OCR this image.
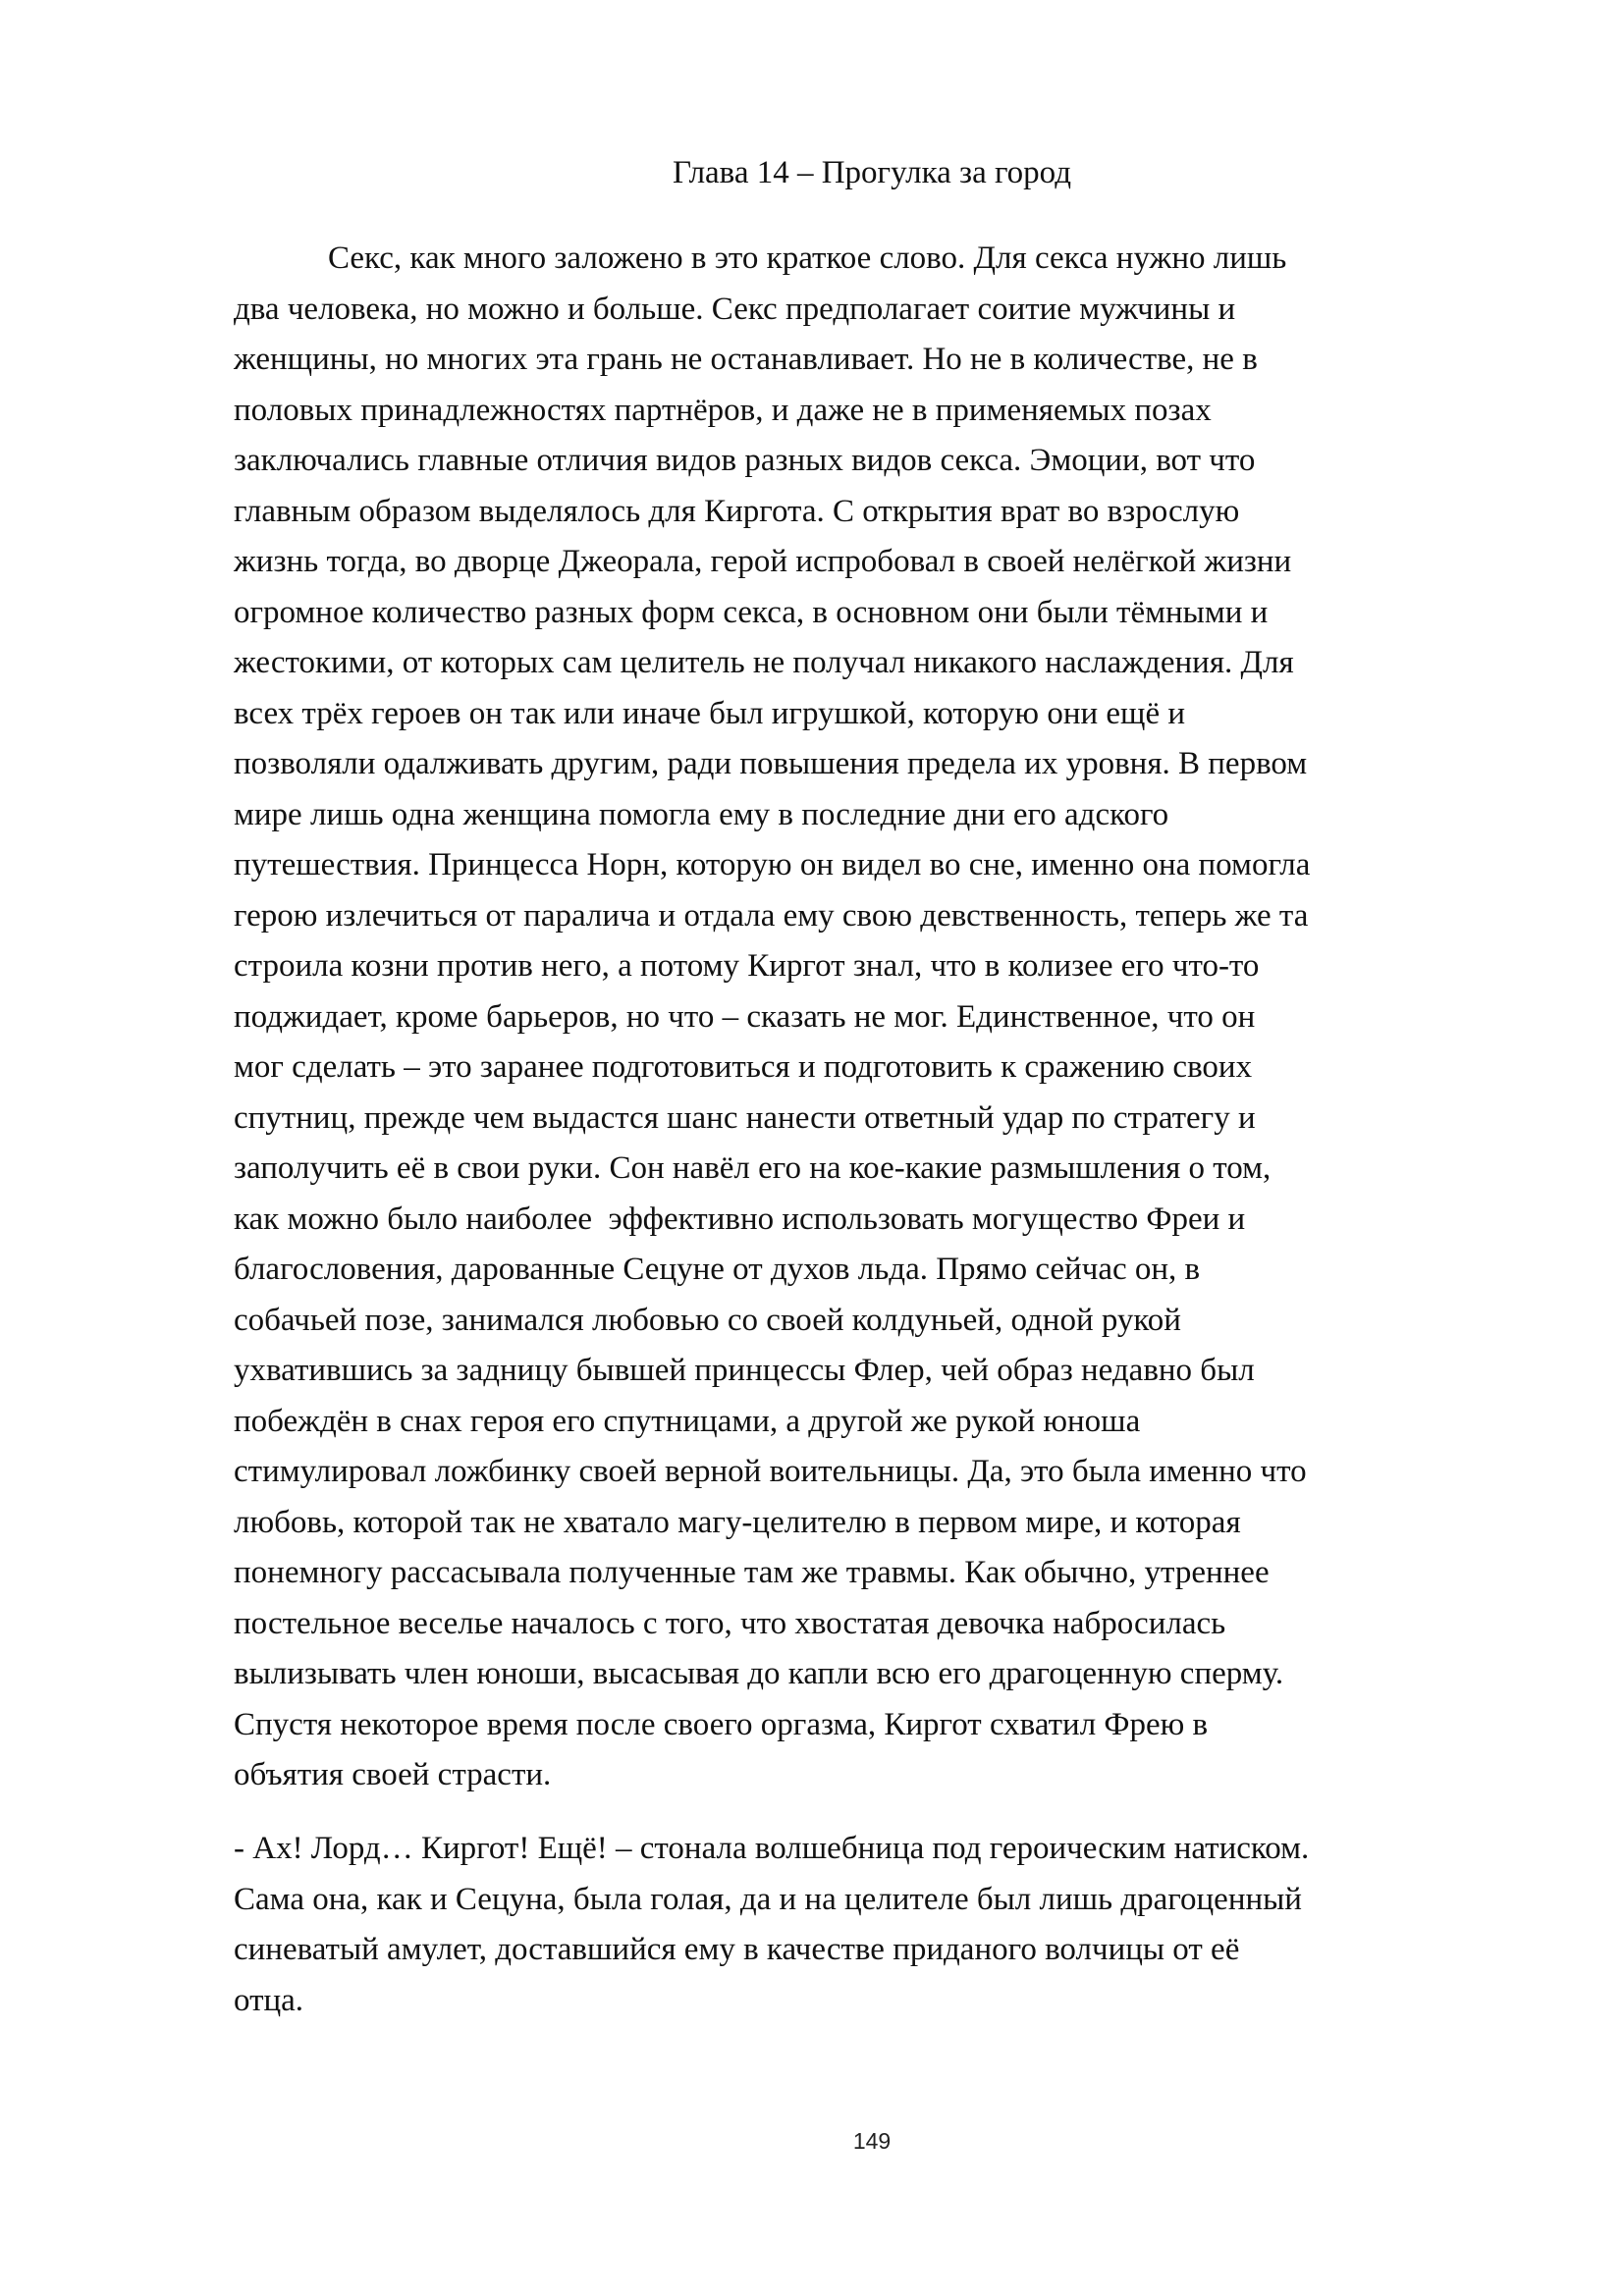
Глава 14 – Прогулка за город
Секс, как много заложено в это краткое слово. Для секса нужно лишь
два человека, но можно и больше. Секс предполагает соитие мужчины и
женщины, но многих эта грань не останавливает. Но не в количестве, не в
половых принадлежностях партнёров, и даже не в применяемых позах
заключались главные отличия видов разных видов секса. Эмоции, вот что
главным образом выделялось для Киргота. С открытия врат во взрослую
жизнь тогда, во дворце Джеорала, герой испробовал в своей нелёгкой жизни
огромное количество разных форм секса, в основном они были тёмными и
жестокими, от которых сам целитель не получал никакого наслаждения. Для
всех трёх героев он так или иначе был игрушкой, которую они ещё и
позволяли одалживать другим, ради повышения предела их уровня. В первом
мире лишь одна женщина помогла ему в последние дни его адского
путешествия. Принцесса Норн, которую он видел во сне, именно она помогла
герою излечиться от паралича и отдала ему свою девственность, теперь же та
строила козни против него, а потому Киргот знал, что в колизее его что-то
поджидает, кроме барьеров, но что – сказать не мог. Единственное, что он
мог сделать – это заранее подготовиться и подготовить к сражению своих
спутниц, прежде чем выдастся шанс нанести ответный удар по стратегу и
заполучить её в свои руки. Сон навёл его на кое-какие размышления о том,
как можно было наиболее  эффективно использовать могущество Фреи и
благословения, дарованные Сецуне от духов льда. Прямо сейчас он, в
собачьей позе, занимался любовью со своей колдуньей, одной рукой
ухватившись за задницу бывшей принцессы Флер, чей образ недавно был
побеждён в снах героя его спутницами, а другой же рукой юноша
стимулировал ложбинку своей верной воительницы. Да, это была именно что
любовь, которой так не хватало магу-целителю в первом мире, и которая
понемногу рассасывала полученные там же травмы. Как обычно, утреннее
постельное веселье началось с того, что хвостатая девочка набросилась
вылизывать член юноши, высасывая до капли всю его драгоценную сперму.
Спустя некоторое время после своего оргазма, Киргот схватил Фрею в
объятия своей страсти.
- Ах! Лорд… Киргот! Ещё! – стонала волшебница под героическим натиском.
Сама она, как и Сецуна, была голая, да и на целителе был лишь драгоценный
синеватый амулет, доставшийся ему в качестве приданого волчицы от её
отца.
149
